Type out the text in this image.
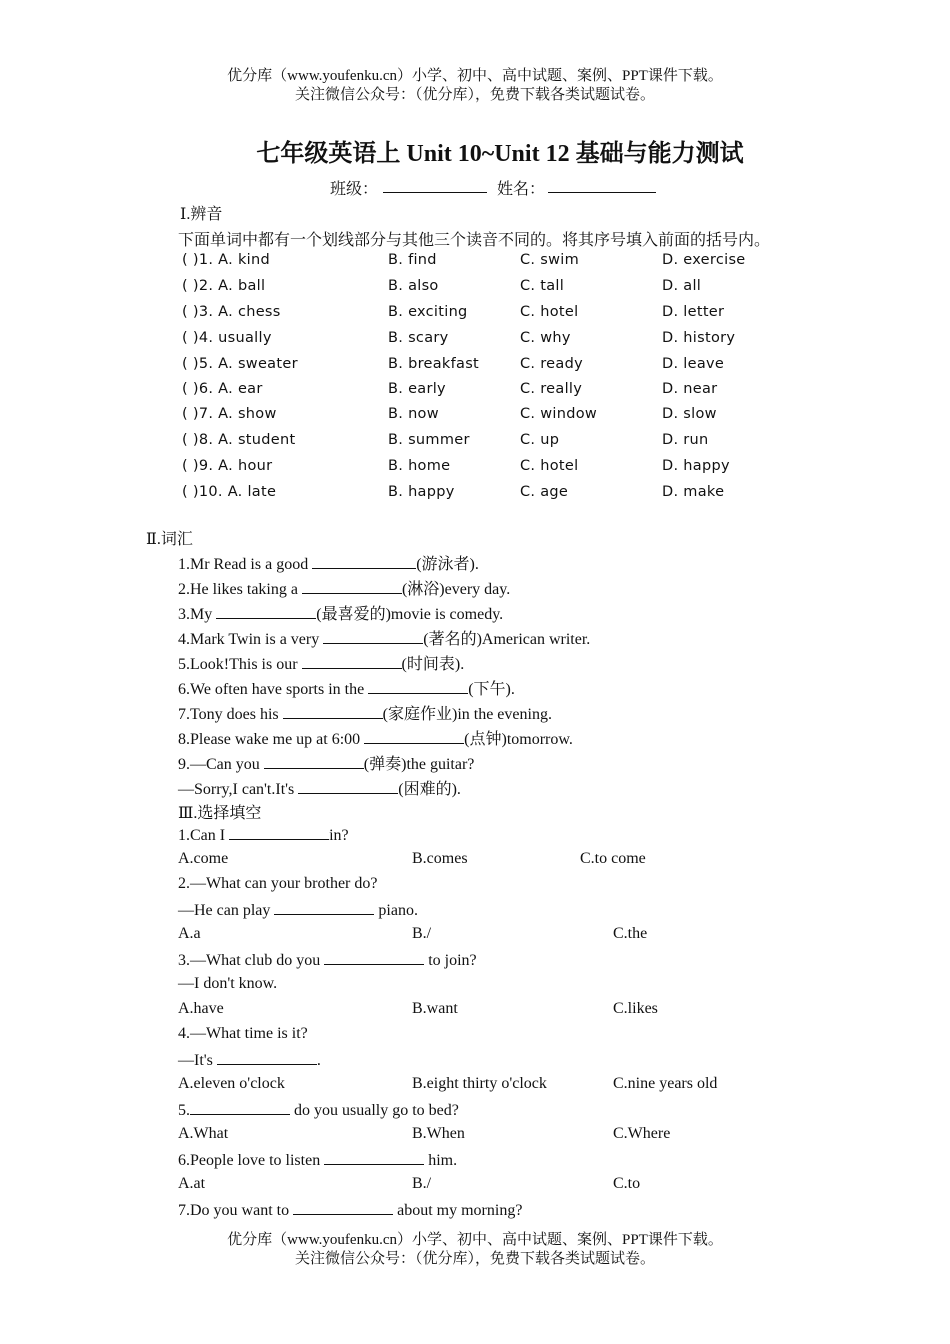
优分库（www.youfenku.cn）小学、初中、高中试题、案例、PPT课件下载。
关注微信公众号：（优分库），免费下载各类试题试卷。
七年级英语上 Unit 10~Unit 12 基础与能力测试
班级：	姓名：
Ⅰ.辨音
下面单词中都有一个划线部分与其他三个读音不同的。将其序号填入前面的括号内。
( )1. A. kind	B. find	C. swim	D. exercise
( )2. A. ball	B. also	C. tall	D. all
( )3. A. chess	B. exciting	C. hotel	D. letter
( )4. usually	B. scary	C. why	D. history
( )5. A. sweater	B. breakfast	C. ready	D. leave
( )6. A. ear	B. early	C. really	D. near
( )7. A. show	B. now	C. window	D. slow
( )8. A. student	B. summer	C. up	D. run
( )9. A. hour	B. home	C. hotel	D. happy
( )10. A. late	B. happy	C. age	D. make
Ⅱ.词汇
1.Mr Read is a good	(游泳者).
2.He likes taking a	(淋浴)every day.
3.My	(最喜爱的)movie is comedy.
4.Mark Twin is a very	(著名的)American writer.
5.Look!This is our	(时间表).
6.We often have sports in the	(下午).
7.Tony does his	(家庭作业)in the evening.
8.Please wake me up at 6:00	(点钟)tomorrow.
9.—Can you	(弹奏)the guitar?
—Sorry,I can't.It's	(困难的).
Ⅲ.选择填空
1.Can I	in?
A.come	B.comes	C.to come
2.—What can your brother do?
—He can play	piano.
A.a	B./	C.the
3.—What club do you	to join?
—I don't know.
A.have	B.want	C.likes
4.—What time is it?
—It's	.
A.eleven o'clock	B.eight thirty o'clock	C.nine years old
5.	do you usually go to bed?
A.What	B.When	C.Where
6.People love to listen	him.
A.at	B./	C.to
7.Do you want to	about my morning?
优分库（www.youfenku.cn）小学、初中、高中试题、案例、PPT课件下载。
关注微信公众号：（优分库），免费下载各类试题试卷。
